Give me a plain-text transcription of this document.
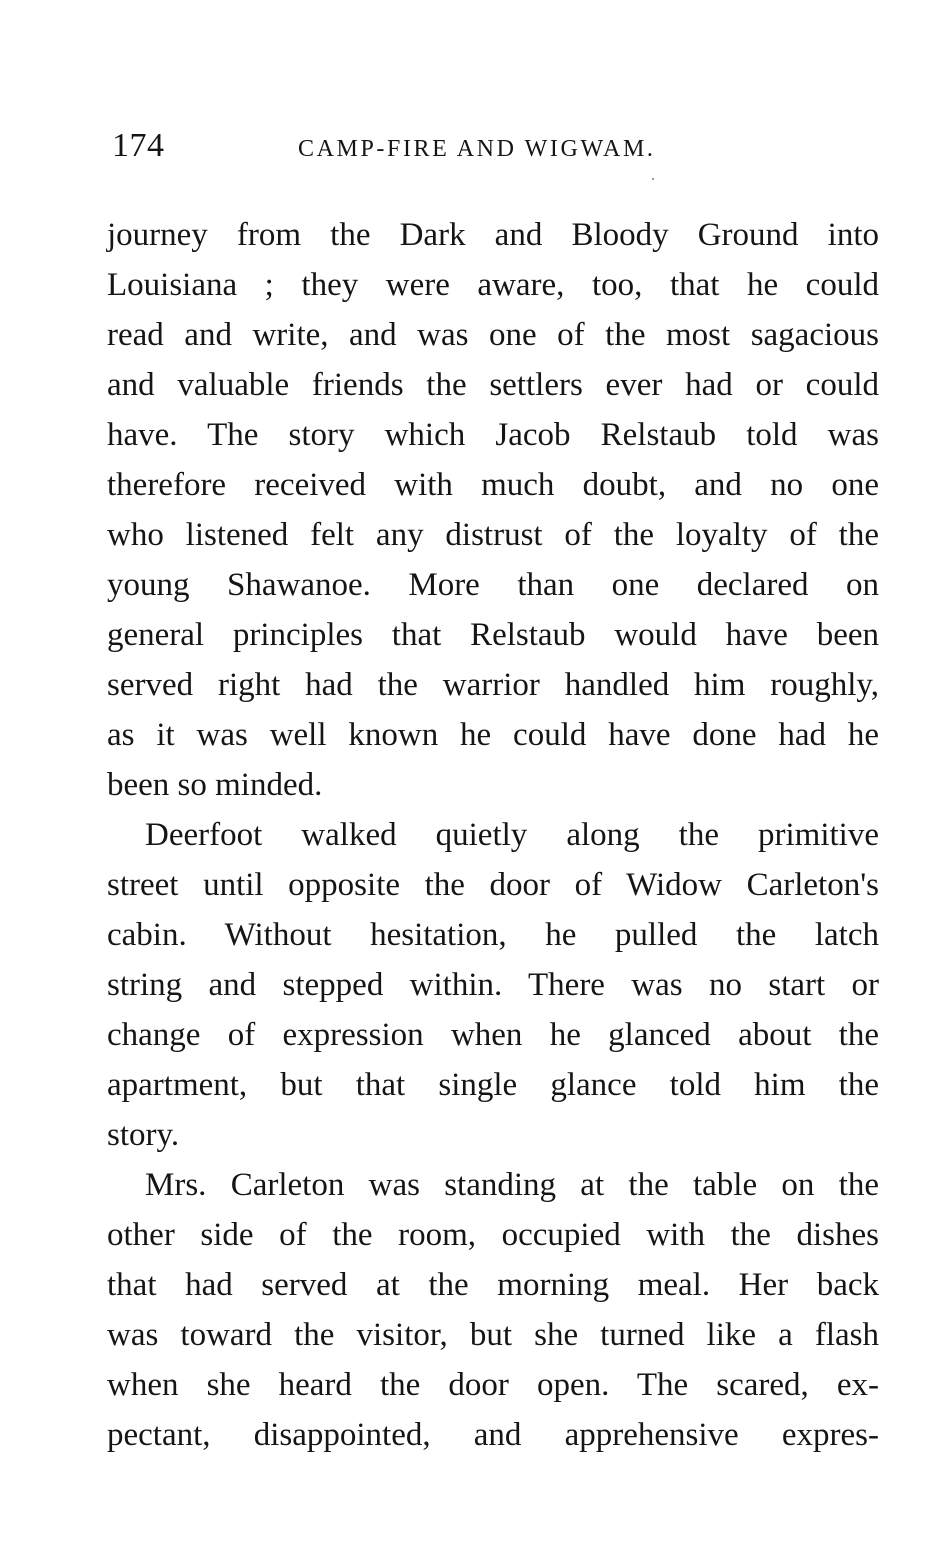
174	CAMP-FIRE AND WIGWAM.
journey from the Dark and Bloody Ground into
Louisiana ; they were aware, too, that he could
read and write, and was one of the most sagacious
and valuable friends the settlers ever had or could
have. The story which Jacob Relstaub told was
therefore received with much doubt, and no one
who listened felt any distrust of the loyalty of the
young Shawanoe. More than one declared on
general principles that Relstaub would have been
served right had the warrior handled him roughly,
as it was well known he could have done had he
been so minded.
Deerfoot walked quietly along the primitive
street until opposite the door of Widow Carleton's
cabin. Without hesitation, he pulled the latch
string and stepped within. There was no start or
change of expression when he glanced about the
apartment, but that single glance told him the
story.
Mrs. Carleton was standing at the table on the
other side of the room, occupied with the dishes
that had served at the morning meal. Her back
was toward the visitor, but she turned like a flash
when she heard the door open. The scared, ex-
pectant, disappointed, and apprehensive expres-
